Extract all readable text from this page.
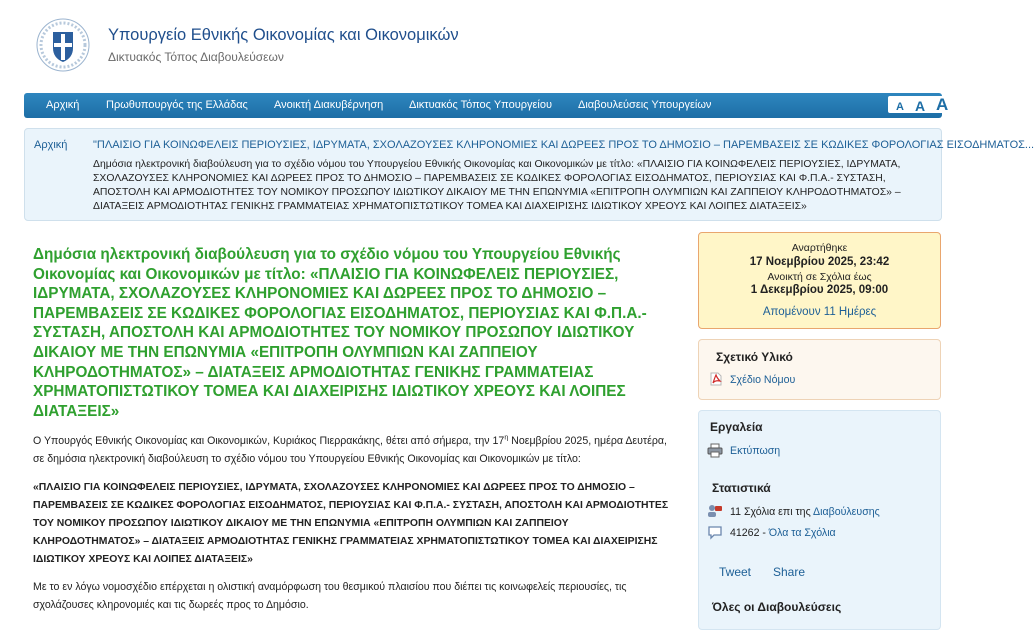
Υπουργείο Εθνικής Οικονομίας και Οικονομικών
Δικτυακός Τόπος Διαβουλεύσεων
Αρχική Πρωθυπουργός της Ελλάδας Ανοικτή Διακυβέρνηση Δικτυακός Τόπος Υπουργείου Διαβουλεύσεις Υπουργείων	A A A
Αρχική "ΠΛΑΙΣΙΟ ΓΙΑ ΚΟΙΝΩΦΕΛΕΙΣ ΠΕΡΙΟΥΣΙΕΣ, ΙΔΡΥΜΑΤΑ, ΣΧΟΛΑΖΟΥΣΕΣ ΚΛΗΡΟΝΟΜΙΕΣ ΚΑΙ ΔΩΡΕΕΣ ΠΡΟΣ ΤΟ ΔΗΜΟΣΙΟ – ΠΑΡΕΜΒΑΣΕΙΣ ΣΕ ΚΩΔΙΚΕΣ ΦΟΡΟΛΟΓΙΑΣ ΕΙΣΟΔΗΜΑΤΟΣ...
Δημόσια ηλεκτρονική διαβούλευση για το σχέδιο νόμου του Υπουργείου Εθνικής Οικονομίας και Οικονομικών με τίτλο: «ΠΛΑΙΣΙΟ ΓΙΑ ΚΟΙΝΩΦΕΛΕΙΣ ΠΕΡΙΟΥΣΙΕΣ, ΙΔΡΥΜΑΤΑ, ΣΧΟΛΑΖΟΥΣΕΣ ΚΛΗΡΟΝΟΜΙΕΣ ΚΑΙ ΔΩΡΕΕΣ ΠΡΟΣ ΤΟ ΔΗΜΟΣΙΟ – ΠΑΡΕΜΒΑΣΕΙΣ ΣΕ ΚΩΔΙΚΕΣ ΦΟΡΟΛΟΓΙΑΣ ΕΙΣΟΔΗΜΑΤΟΣ, ΠΕΡΙΟΥΣΙΑΣ ΚΑΙ Φ.Π.Α.- ΣΥΣΤΑΣΗ, ΑΠΟΣΤΟΛΗ ΚΑΙ ΑΡΜΟΔΙΟΤΗΤΕΣ ΤΟΥ ΝΟΜΙΚΟΥ ΠΡΟΣΩΠΟΥ ΙΔΙΩΤΙΚΟΥ ΔΙΚΑΙΟΥ ΜΕ ΤΗΝ ΕΠΩΝΥΜΙΑ «ΕΠΙΤΡΟΠΗ ΟΛΥΜΠΙΩΝ ΚΑΙ ΖΑΠΠΕΙΟΥ ΚΛΗΡΟΔΟΤΗΜΑΤΟΣ» – ΔΙΑΤΑΞΕΙΣ ΑΡΜΟΔΙΟΤΗΤΑΣ ΓΕΝΙΚΗΣ ΓΡΑΜΜΑΤΕΙΑΣ ΧΡΗΜΑΤΟΠΙΣΤΩΤΙΚΟΥ ΤΟΜΕΑ ΚΑΙ ΔΙΑΧΕΙΡΙΣΗΣ ΙΔΙΩΤΙΚΟΥ ΧΡΕΟΥΣ ΚΑΙ ΛΟΙΠΕΣ ΔΙΑΤΑΞΕΙΣ»
Δημόσια ηλεκτρονική διαβούλευση για το σχέδιο νόμου του Υπουργείου Εθνικής Οικονομίας και Οικονομικών με τίτλο: «ΠΛΑΙΣΙΟ ΓΙΑ ΚΟΙΝΩΦΕΛΕΙΣ ΠΕΡΙΟΥΣΙΕΣ, ΙΔΡΥΜΑΤΑ, ΣΧΟΛΑΖΟΥΣΕΣ ΚΛΗΡΟΝΟΜΙΕΣ ΚΑΙ ΔΩΡΕΕΣ ΠΡΟΣ ΤΟ ΔΗΜΟΣΙΟ – ΠΑΡΕΜΒΑΣΕΙΣ ΣΕ ΚΩΔΙΚΕΣ ΦΟΡΟΛΟΓΙΑΣ ΕΙΣΟΔΗΜΑΤΟΣ, ΠΕΡΙΟΥΣΙΑΣ ΚΑΙ Φ.Π.Α.- ΣΥΣΤΑΣΗ, ΑΠΟΣΤΟΛΗ ΚΑΙ ΑΡΜΟΔΙΟΤΗΤΕΣ ΤΟΥ ΝΟΜΙΚΟΥ ΠΡΟΣΩΠΟΥ ΙΔΙΩΤΙΚΟΥ ΔΙΚΑΙΟΥ ΜΕ ΤΗΝ ΕΠΩΝΥΜΙΑ «ΕΠΙΤΡΟΠΗ ΟΛΥΜΠΙΩΝ ΚΑΙ ΖΑΠΠΕΙΟΥ ΚΛΗΡΟΔΟΤΗΜΑΤΟΣ» – ΔΙΑΤΑΞΕΙΣ ΑΡΜΟΔΙΟΤΗΤΑΣ ΓΕΝΙΚΗΣ ΓΡΑΜΜΑΤΕΙΑΣ ΧΡΗΜΑΤΟΠΙΣΤΩΤΙΚΟΥ ΤΟΜΕΑ ΚΑΙ ΔΙΑΧΕΙΡΙΣΗΣ ΙΔΙΩΤΙΚΟΥ ΧΡΕΟΥΣ ΚΑΙ ΛΟΙΠΕΣ ΔΙΑΤΑΞΕΙΣ»

Ο Υπουργός Εθνικής Οικονομίας και Οικονομικών, Κυριάκος Πιερρακάκης, θέτει από σήμερα, την $17^\eta$ Νοεμβρίου 2025, ημέρα Δευτέρα, σε δημόσια ηλεκτρονική διαβούλευση το σχέδιο νόμου του Υπουργείου Εθνικής Οικονομίας και Οικονομικών με τίτλο:

«ΠΛΑΙΣΙΟ ΓΙΑ ΚΟΙΝΩΦΕΛΕΙΣ ΠΕΡΙΟΥΣΙΕΣ, ΙΔΡΥΜΑΤΑ, ΣΧΟΛΑΖΟΥΣΕΣ ΚΛΗΡΟΝΟΜΙΕΣ ΚΑΙ ΔΩΡΕΕΣ ΠΡΟΣ ΤΟ ΔΗΜΟΣΙΟ – ΠΑΡΕΜΒΑΣΕΙΣ ΣΕ ΚΩΔΙΚΕΣ ΦΟΡΟΛΟΓΙΑΣ ΕΙΣΟΔΗΜΑΤΟΣ, ΠΕΡΙΟΥΣΙΑΣ ΚΑΙ Φ.Π.Α.- ΣΥΣΤΑΣΗ, ΑΠΟΣΤΟΛΗ ΚΑΙ ΑΡΜΟΔΙΟΤΗΤΕΣ ΤΟΥ ΝΟΜΙΚΟΥ ΠΡΟΣΩΠΟΥ ΙΔΙΩΤΙΚΟΥ ΔΙΚΑΙΟΥ ΜΕ ΤΗΝ ΕΠΩΝΥΜΙΑ «ΕΠΙΤΡΟΠΗ ΟΛΥΜΠΙΩΝ ΚΑΙ ΖΑΠΠΕΙΟΥ ΚΛΗΡΟΔΟΤΗΜΑΤΟΣ» – ΔΙΑΤΑΞΕΙΣ ΑΡΜΟΔΙΟΤΗΤΑΣ ΓΕΝΙΚΗΣ ΓΡΑΜΜΑΤΕΙΑΣ ΧΡΗΜΑΤΟΠΙΣΤΩΤΙΚΟΥ ΤΟΜΕΑ ΚΑΙ ΔΙΑΧΕΙΡΙΣΗΣ ΙΔΙΩΤΙΚΟΥ ΧΡΕΟΥΣ ΚΑΙ ΛΟΙΠΕΣ ΔΙΑΤΑΞΕΙΣ»

Με το εν λόγω νομοσχέδιο επέρχεται η ολιστική αναμόρφωση του θεσμικού πλαισίου που διέπει τις κοινωφελείς περιουσίες, τις σχολάζουσες κληρονομιές και τις δωρεές προς το Δημόσιο.

Αναρτήθηκε
17 Νοεμβρίου 2025, 23:42
Ανοικτή σε Σχόλια έως
1 Δεκεμβρίου 2025, 09:00
Απομένουν 11 Ημέρες
Σχετικό Υλικό
Σχέδιο Νόμου
Εργαλεία
Εκτύπωση
Στατιστικά
11 Σχόλια επι της Διαβούλευσης
41262 - Όλα τα Σχόλια
Tweet Share
Όλες οι Διαβουλεύσεις
